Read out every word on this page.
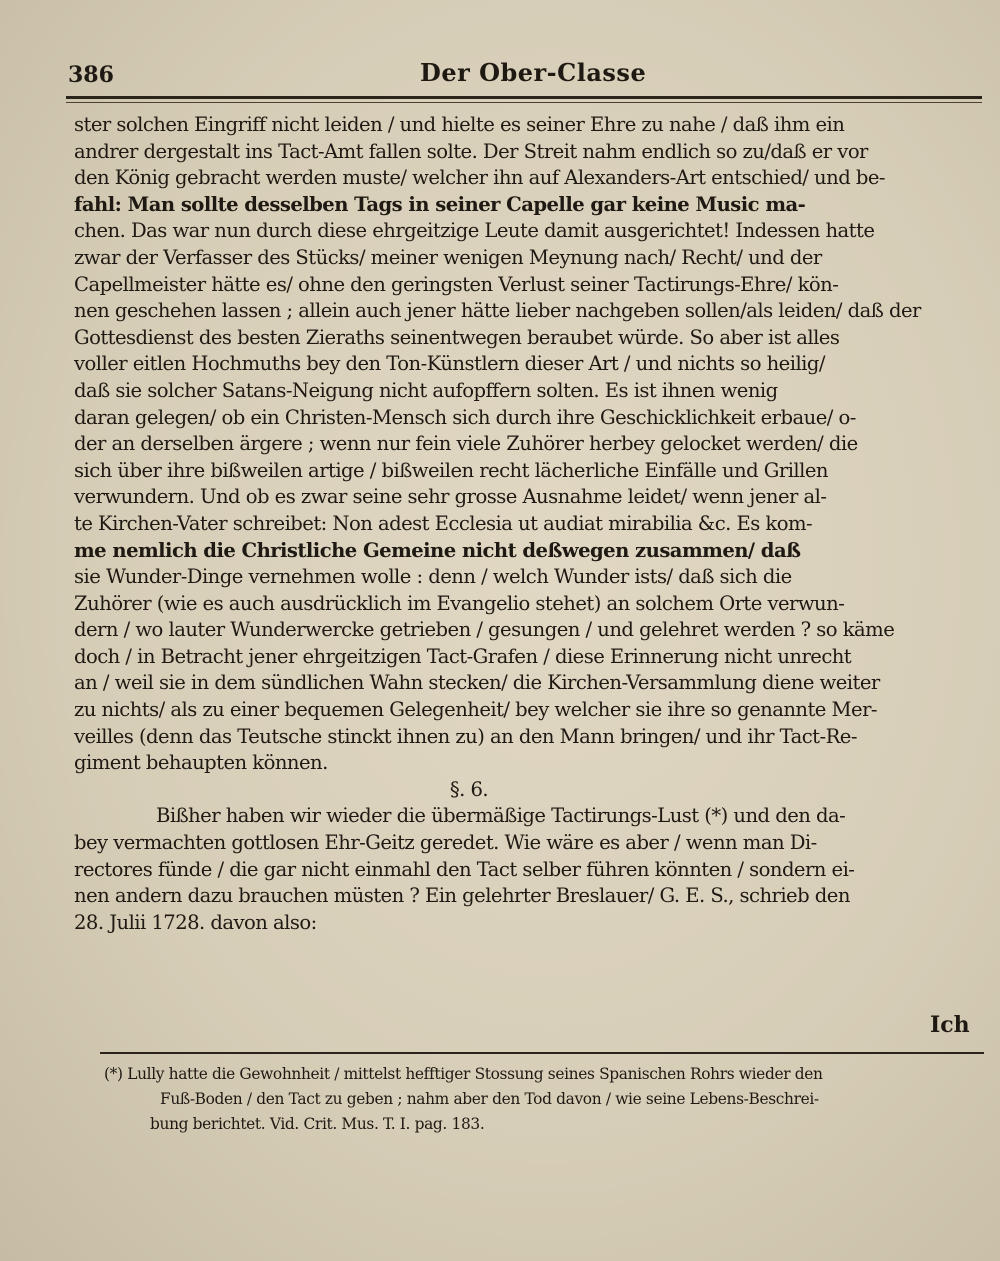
386	Der Ober-Classe
ster solchen Eingriff nicht leiden / und hielte es seiner Ehre zu nahe / daß ihm ein
andrer dergestalt ins Tact-Amt fallen solte. Der Streit nahm endlich so zu/daß er vor
den König gebracht werden muste/ welcher ihn auf Alexanders-Art entschied/ und be-
fahl: Man sollte desselben Tags in seiner Capelle gar keine Music ma-
chen. Das war nun durch diese ehrgeitzige Leute damit ausgerichtet! Indessen hatte
zwar der Verfasser des Stücks/ meiner wenigen Meynung nach/ Recht/ und der
Capellmeister hätte es/ ohne den geringsten Verlust seiner Tactirungs-Ehre/ kön-
nen geschehen lassen ; allein auch jener hätte lieber nachgeben sollen/als leiden/ daß der
Gottesdienst des besten Zieraths seinentwegen beraubet würde. So aber ist alles
voller eitlen Hochmuths bey den Ton-Künstlern dieser Art / und nichts so heilig/
daß sie solcher Satans-Neigung nicht aufopffern solten. Es ist ihnen wenig
daran gelegen/ ob ein Christen-Mensch sich durch ihre Geschicklichkeit erbaue/ o-
der an derselben ärgere ; wenn nur fein viele Zuhörer herbey gelocket werden/ die
sich über ihre bißweilen artige / bißweilen recht lächerliche Einfälle und Grillen
verwundern. Und ob es zwar seine sehr grosse Ausnahme leidet/ wenn jener al-
te Kirchen-Vater schreibet: Non adest Ecclesia ut audiat mirabilia &c. Es kom-
me nemlich die Christliche Gemeine nicht deßwegen zusammen/ daß
sie Wunder-Dinge vernehmen wolle : denn / welch Wunder ists/ daß sich die
Zuhörer (wie es auch ausdrücklich im Evangelio stehet) an solchem Orte verwun-
dern / wo lauter Wunderwercke getrieben / gesungen / und gelehret werden ? so käme
doch / in Betracht jener ehrgeitzigen Tact-Grafen / diese Erinnerung nicht unrecht
an / weil sie in dem sündlichen Wahn stecken/ die Kirchen-Versammlung diene weiter
zu nichts/ als zu einer bequemen Gelegenheit/ bey welcher sie ihre so genannte Mer-
veilles (denn das Teutsche stinckt ihnen zu) an den Mann bringen/ und ihr Tact-Re-
giment behaupten können.
§. 6.
Bißher haben wir wieder die übermäßige Tactirungs-Lust (*) und den da-
bey vermachten gottlosen Ehr-Geitz geredet. Wie wäre es aber / wenn man Di-
rectores fünde / die gar nicht einmahl den Tact selber führen könnten / sondern ei-
nen andern dazu brauchen müsten ? Ein gelehrter Breslauer/ G. E. S., schrieb den
28. Julii 1728. davon also:
Ich
(*) Lully hatte die Gewohnheit / mittelst hefftiger Stossung seines Spanischen Rohrs wieder den
Fuß-Boden / den Tact zu geben ; nahm aber den Tod davon / wie seine Lebens-Beschrei-
bung berichtet. Vid. Crit. Mus. T. I. pag. 183.
